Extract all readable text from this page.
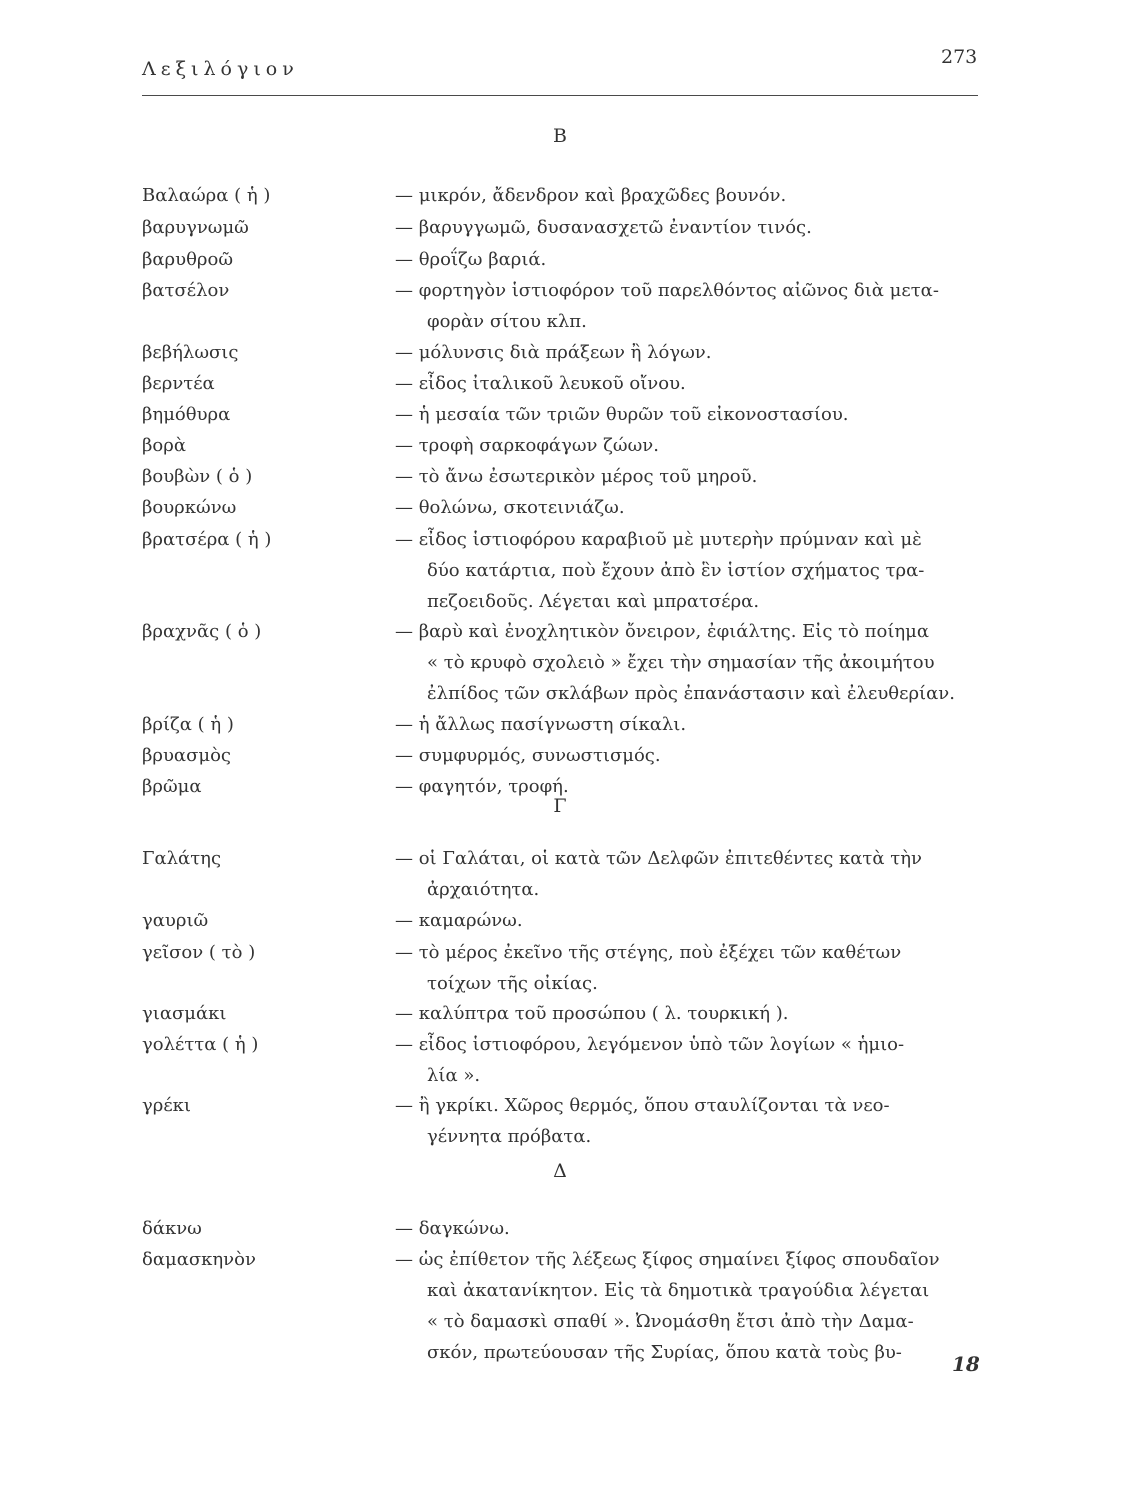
Λεξιλόγιον
273
Β
Βαλαώρα ( ἡ )	— μικρόν, ἄδενδρον καὶ βραχῶδες βουνόν.
βαρυγνωμῶ	— βαρυγγωμῶ, δυσανασχετῶ ἐναντίον τινός.
βαρυθρoῶ	— θροΐζω βαριά.
βατσέλον	— φορτηγὸν ἱστιοφόρον τοῦ παρελθόντος αἰῶνος διὰ μετα-
φορὰν σίτου κλπ.
βεβήλωσις	— μόλυνσις διὰ πράξεων ἢ λόγων.
βερντέα	— εἶδος ἰταλικοῦ λευκοῦ οἴνου.
βημόθυρα	— ἡ μεσαία τῶν τριῶν θυρῶν τοῦ εἰκονοστασίου.
βορὰ	— τροφὴ σαρκοφάγων ζώων.
βουβὼν ( ὁ )	— τὸ ἄνω ἐσωτερικὸν μέρος τοῦ μηροῦ.
βουρκώνω	— θολώνω, σκοτεινιάζω.
βρατσέρα ( ἡ )	— εἶδος ἱστιοφόρου καραβιοῦ μὲ μυτερὴν πρύμναν καὶ μὲ
δύο κατάρτια, ποὺ ἔχουν ἀπὸ ἓν ἱστίον σχήματος τρα-
πεζοειδοῦς. Λέγεται καὶ μπρατσέρα.
βραχνᾶς ( ὁ )	— βαρὺ καὶ ἐνοχλητικὸν ὄνειρον, ἐφιάλτης. Εἰς τὸ ποίημα
« τὸ κρυφὸ σχολειὸ » ἔχει τὴν σημασίαν τῆς ἀκοιμήτου
ἐλπίδος τῶν σκλάβων πρὸς ἐπανάστασιν καὶ ἐλευθερίαν.
βρίζα ( ἡ )	— ἡ ἄλλως πασίγνωστη σίκαλι.
βρυασμὸς	— συμφυρμός, συνωστισμός.
βρῶμα	— φαγητόν, τροφή.
Γ
Γαλάτης	— οἱ Γαλάται, οἱ κατὰ τῶν Δελφῶν ἐπιτεθέντες κατὰ τὴν
ἀρχαιότητα.
γαυριῶ	— καμαρώνω.
γεῖσον ( τὸ )	— τὸ μέρος ἐκεῖνο τῆς στέγης, ποὺ ἐξέχει τῶν καθέτων
τοίχων τῆς οἰκίας.
γιασμάκι	— καλύπτρα τοῦ προσώπου ( λ. τουρκική ).
γολέττα ( ἡ )	— εἶδος ἱστιοφόρου, λεγόμενον ὑπὸ τῶν λογίων « ἡμιο-
λία ».
γρέκι	— ἢ γκρίκι. Χῶρος θερμός, ὅπου σταυλίζονται τὰ νεο-
γέννητα πρόβατα.
Δ
δάκνω	— δαγκώνω.
δαμασκηνὸν	— ὡς ἐπίθετον τῆς λέξεως ξίφος σημαίνει ξίφος σπουδαῖον
καὶ ἀκατανίκητον. Εἰς τὰ δημοτικὰ τραγούδια λέγεται
« τὸ δαμασκὶ σπαθί ». Ὠνομάσθη ἔτσι ἀπὸ τὴν Δαμα-
σκόν, πρωτεύουσαν τῆς Συρίας, ὅπου κατὰ τοὺς βυ-	18
